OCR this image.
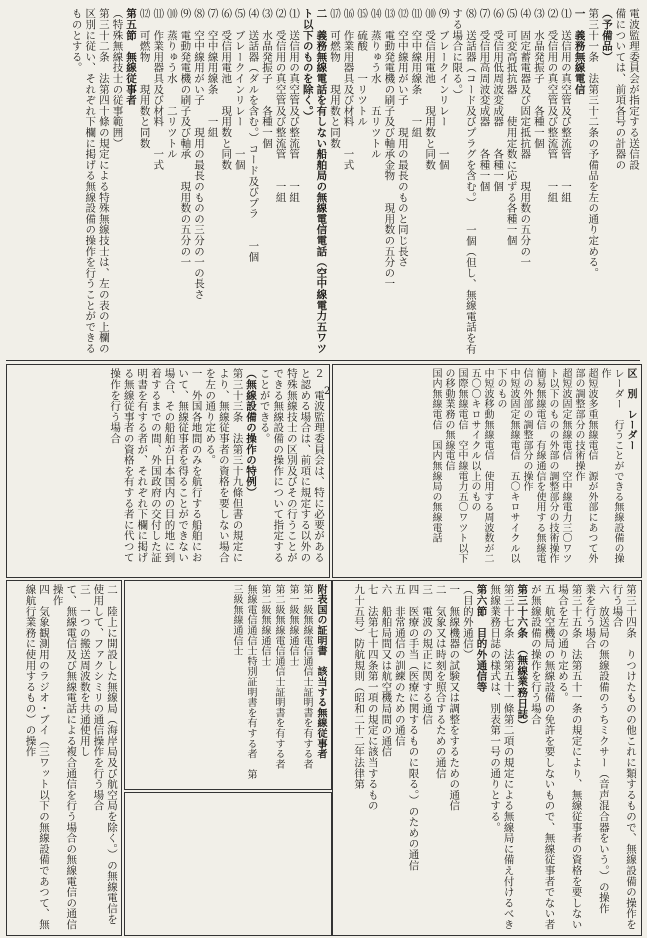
電波監理委員会が指定する送信設
備については、前項各号の計器の
（予備品）
第三十一条　法第三十二条の予備品を左の通り定める。
一　義務無線電信
⑴　送信用の真空管及び整流管　　一組
⑵　受信用の真空管及び整流管　　一組
⑶　水晶発振子　　各種一個
⑷　固定蓄電器及び固定抵抗器　　現用数の五分の一
⑸　可変高抵抗器　　使用定数に応ずる各種一個
⑹　受信用低周波変成器　　各種一個
⑺　受信用高周波変成器　　各種一個
⑻　送話器（コード及びプラグを含む。）　　一個（但し、無線電話を有する場合に限る。）
⑼　ブレークインリレー　　一個
⑽　受信用電池　　現用数と同数
⑾　空中線用線条　　一組
⑿　空中線用がい子　　現用の最長のものと同じ長さ
⒀　電動発電機の刷子及び軸承金物　　現用数の五分の一
⒁　蒸りゅう水　　五リツトル
⒂　硫酸　　一リツトル
⒃　作業用器具及び材料　　一式
⒄　可燃物　　現用数と同数
二　義務無線電話を有しない船舶局の無線電信電話（空中線電力五ワツト以下のものを除く。）
⑴　送信用の真空管及び整流管　　一組
⑵　受信用の真空管及び整流管　　一組
⑶　水晶発振子　　各種一個
⑷　送話器（ダルを含む。）コード及びプラ　　一個
⑸　ブレークインリレー　　一個
⑹　受信用電池　　現用数と同数
⑺　空中線用線条　　一組
⑻　空中線用がい子　　現用の最長のものの三分の一の長さ
⑼　電動発電機の刷子及び軸承　　現用数の五分の一
⑽　蒸りゅう水　　二リツトル
⑾　作業用器具及び材料　　一式
⑿　可燃物　　現用数と同数
第五節　無線従事者
（特殊無線技士の従事範囲）
第三十二条　法第四十條の規定による特殊無線技士は、左の表の上欄の区別に従い、それぞれ下欄に掲げる無線設備の操作を行うことができるものとする。
区　別　レーダー
レーダー　行うことができる無線設備の操作
超短波多重無線電信　源が外部にあつて外部の調整部分の技術操作
超短波固定無線電信　空中線電力三〇ワツト以下のものの外部の調整部分の技術操作
簡易無線電信　有線通信を使用する無線電信の外部の調整部分の操作
中短波固定無線電信　五〇キロサイクル以下のもの
中短波移動無線電信　使用する周波数が二五〇〇キロサイクル以上のもの
国際無線電信　空中線電力五〇ワツト以下の移動業務の無線電信
国内無線電信　国内無線局の無線電話
2
２　電波監理委員会は、特に必要があると認める場合は、前項に規定する以外の特殊無線技士の区別及びその行うことができる無線設備の操作について指定することができる。
（無線設備の操作の特例）
第三十三条　法第三十九條但書の規定により、無線従事者の資格を要しない場合を左の通り定める。
一　外国各地間のみを航行する船舶において、無線従事者を得ることができない場合、その船舶が日本国内の目的地に到着するまでの間、外国政府の交付した証明書を有する者が、それぞれ下欄に掲げる無線従事者の資格を有する者に代つて操作を行う場合
附表国の証明書　該当する無線従事者
第一級無線電信通信士証明書を有する者　第一級無線通信士
第二級無線電信通信士証明書を有する者　第二級無線通信士
無線電信通信士特別証明書を有する者　第三級無線通信士
二　陸上に開設した無線局（海岸局及び航空局を除く。）の無線電信を使用して、ファクシミリの通信操作を行う場合
三　一つの搬送周波数を共通使用し
て、無線電信及び無線電話による複合通信を行う場合の無線電信の通信操作
四　気象観測用のラジオ・ブイ（三ワット以下の無線設備であつて、無線航行業務に使用するもの）の操作	第三十四条　りつけたものの他これに類するもので、無線設備の操作を行う場合
六　放送局の無線設備のうちミクサー（音声混合器をいう。）の操作
業を行う場合
第三十五条　法第五十一条の規定により、無線従事者の資格を要しない場合を左の通り定める。
五　航空機局の無線設備の免許を要しないもので、無線従事者でない者が無線設備の操作を行う場合
第三十六条　（無線業務日誌）
第三十七条　法第五十一條第二項の規定による無線局に備え付けるべき無線業務日誌の様式は、別表第一号の通りとする。
第六節　目的外通信等
（目的外通信）
一　無線機器の試験又は調整をするための通信
二　気象又は時刻を照合するための通信
三　電波の規正に関する通信
四　医療の手当（医療に関するものに限る。）のための通信
五　非常通信の訓練のための通信
六　船舶局間又は航空機局間の通信
七　法第七十四条第一項の規定に該当するもの
九十五号）防航規則（昭和二十二年法律第
